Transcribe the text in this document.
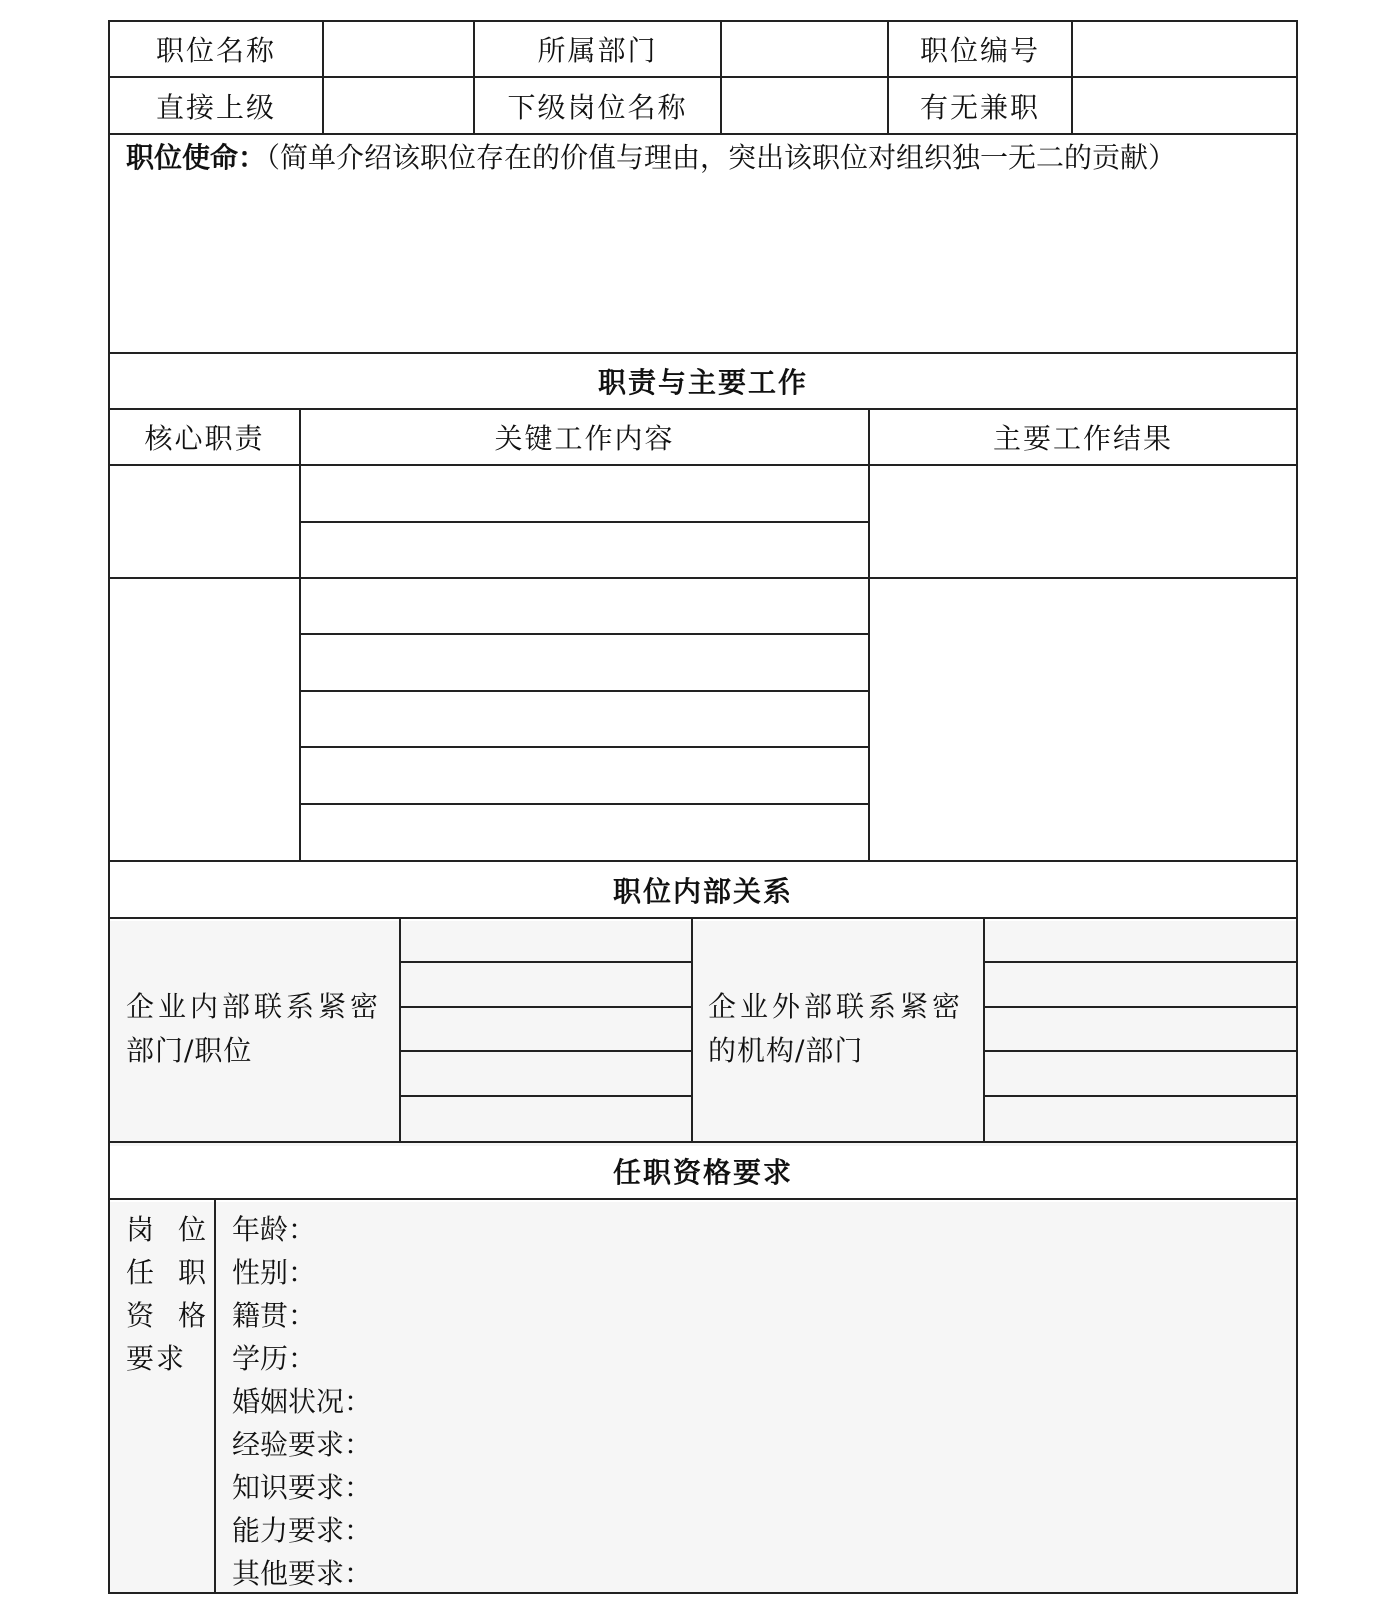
职位名称	所属部门	职位编号
直接上级	下级岗位名称	有无兼职
职位使命：（简单介绍该职位存在的价值与理由，突出该职位对组织独一无二的贡献）
职责与主要工作
核心职责	关键工作内容	主要工作结果
职位内部关系
企业内部联系紧密
部门/职位
企业外部联系紧密
的机构/部门
任职资格要求
岗位
任职
资格
要求
年龄：
性别：
籍贯：
学历：
婚姻状况：
经验要求：
知识要求：
能力要求：
其他要求：
